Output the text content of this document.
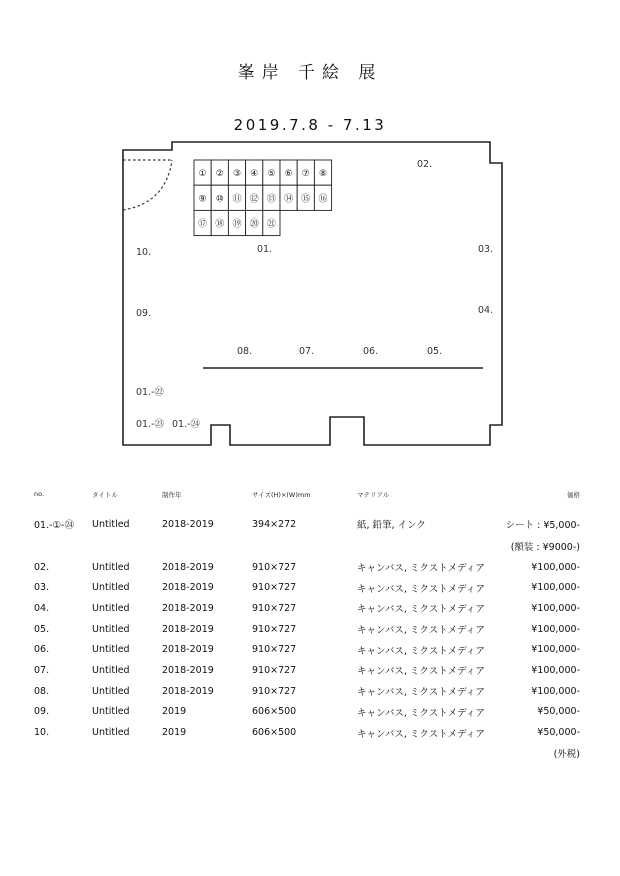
峯岸 千絵 展
2019.7.8 - 7.13
① ② ③ ④ ⑤ ⑥ ⑦ ⑧
⑨ ⑩ ⑪ ⑫ ⑬ ⑭ ⑮ ⑯
⑰ ⑱ ⑲ ⑳ ㉑
01.
02.
03.
04.
05.
06.
07.
08.
09.
10.
01.-㉒
01.-㉓ 01.-㉔
no.	タイトル	制作年	サイズ(H)×(W)mm	マテリアル	価格
01.-①-㉔	Untitled	2018-2019	394×272	紙, 鉛筆, インク	シート : ¥5,000-
					(額装 : ¥9000-)
02.	Untitled	2018-2019	910×727	キャンバス, ミクストメディア	¥100,000-
03.	Untitled	2018-2019	910×727	キャンバス, ミクストメディア	¥100,000-
04.	Untitled	2018-2019	910×727	キャンバス, ミクストメディア	¥100,000-
05.	Untitled	2018-2019	910×727	キャンバス, ミクストメディア	¥100,000-
06.	Untitled	2018-2019	910×727	キャンバス, ミクストメディア	¥100,000-
07.	Untitled	2018-2019	910×727	キャンバス, ミクストメディア	¥100,000-
08.	Untitled	2018-2019	910×727	キャンバス, ミクストメディア	¥100,000-
09.	Untitled	2019	606×500	キャンバス, ミクストメディア	¥50,000-
10.	Untitled	2019	606×500	キャンバス, ミクストメディア	¥50,000-
					(外税)
